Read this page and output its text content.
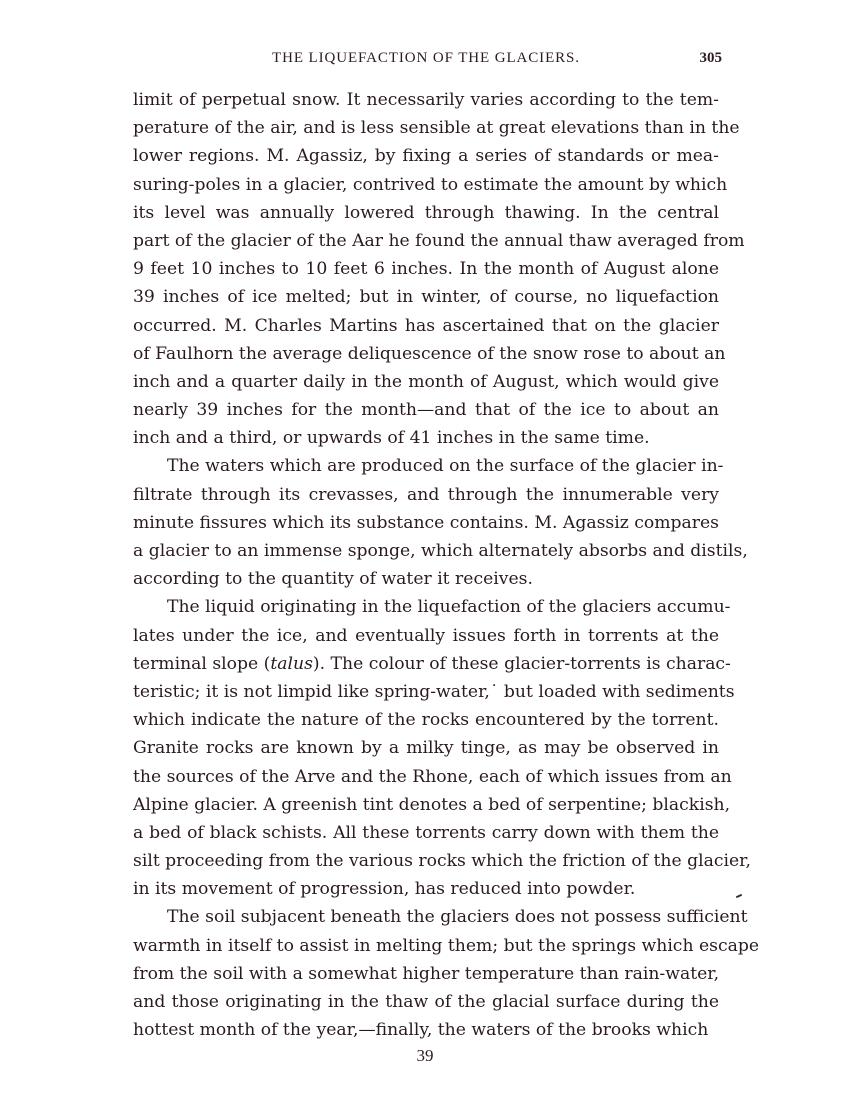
THE LIQUEFACTION OF THE GLACIERS.	305
limit of perpetual snow. It necessarily varies according to the tem-
perature of the air, and is less sensible at great elevations than in the
lower regions. M. Agassiz, by fixing a series of standards or mea-
suring-poles in a glacier, contrived to estimate the amount by which
its level was annually lowered through thawing. In the central
part of the glacier of the Aar he found the annual thaw averaged from
9 feet 10 inches to 10 feet 6 inches. In the month of August alone
39 inches of ice melted; but in winter, of course, no liquefaction
occurred. M. Charles Martins has ascertained that on the glacier
of Faulhorn the average deliquescence of the snow rose to about an
inch and a quarter daily in the month of August, which would give
nearly 39 inches for the month—and that of the ice to about an
inch and a third, or upwards of 41 inches in the same time.
The waters which are produced on the surface of the glacier in-
filtrate through its crevasses, and through the innumerable very
minute fissures which its substance contains. M. Agassiz compares
a glacier to an immense sponge, which alternately absorbs and distils,
according to the quantity of water it receives.
The liquid originating in the liquefaction of the glaciers accumu-
lates under the ice, and eventually issues forth in torrents at the
terminal slope (talus). The colour of these glacier-torrents is charac-
teristic; it is not limpid like spring-water,˙ but loaded with sediments
which indicate the nature of the rocks encountered by the torrent.
Granite rocks are known by a milky tinge, as may be observed in
the sources of the Arve and the Rhone, each of which issues from an
Alpine glacier. A greenish tint denotes a bed of serpentine; blackish,
a bed of black schists. All these torrents carry down with them the
silt proceeding from the various rocks which the friction of the glacier,
in its movement of progression, has reduced into powder.
The soil subjacent beneath the glaciers does not possess sufficient
warmth in itself to assist in melting them; but the springs which escape
from the soil with a somewhat higher temperature than rain-water,
and those originating in the thaw of the glacial surface during the
hottest month of the year,—finally, the waters of the brooks which
39
